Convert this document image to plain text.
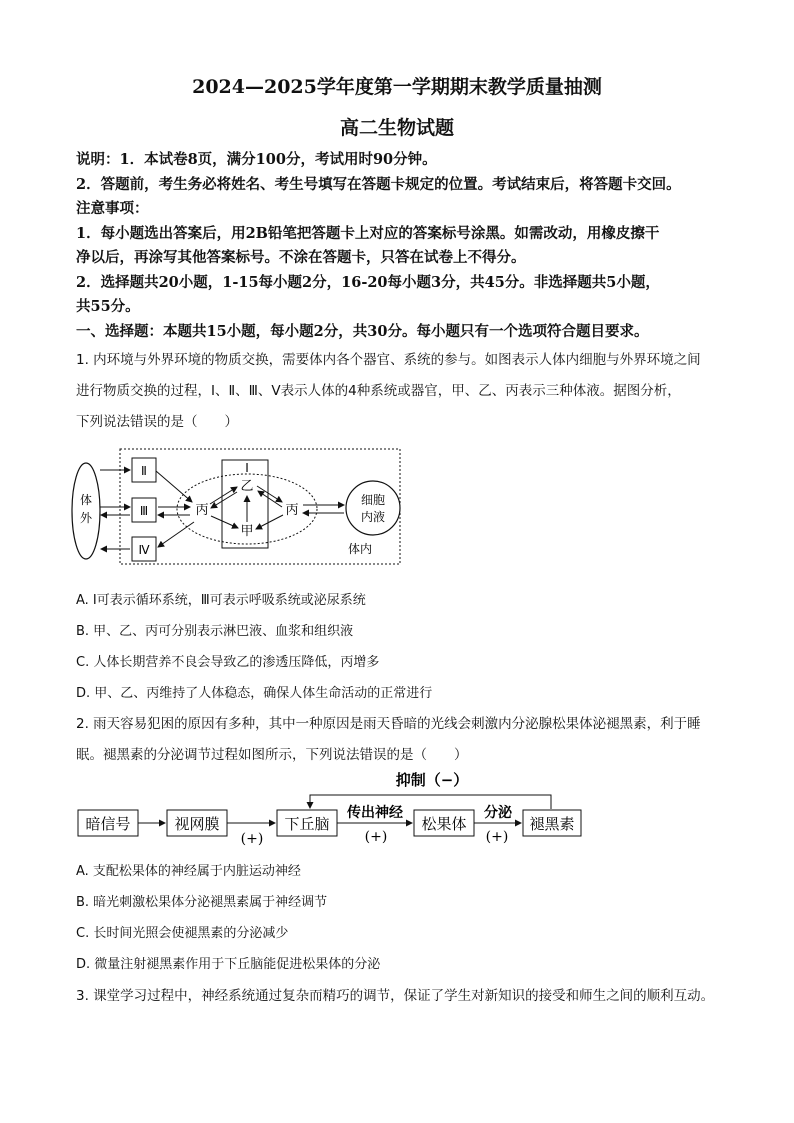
2024—2025学年度第一学期期末教学质量抽测
高二生物试题
说明：1．本试卷8页，满分100分，考试用时90分钟。
2．答题前，考生务必将姓名、考生号填写在答题卡规定的位置。考试结束后，将答题卡交回。
注意事项：
1．每小题选出答案后，用2B铅笔把答题卡上对应的答案标号涂黑。如需改动，用橡皮擦干
净以后，再涂写其他答案标号。不涂在答题卡，只答在试卷上不得分。
2．选择题共20小题，1-15每小题2分，16-20每小题3分，共45分。非选择题共5小题，
共55分。
一、选择题：本题共15小题，每小题2分，共30分。每小题只有一个选项符合题目要求。
1. 内环境与外界环境的物质交换，需要体内各个器官、系统的参与。如图表示人体内细胞与外界环境之间
进行物质交换的过程，I、Ⅱ、Ⅲ、V表示人体的4种系统或器官，甲、乙、丙表示三种体液。据图分析，
下列说法错误的是（　　）
体
外
体内
Ⅱ
Ⅲ
Ⅳ
I
乙
甲
丙	丙
细胞
内液
A. I可表示循环系统，Ⅲ可表示呼吸系统或泌尿系统
B. 甲、乙、丙可分别表示淋巴液、血浆和组织液
C. 人体长期营养不良会导致乙的渗透压降低，丙增多
D. 甲、乙、丙维持了人体稳态，确保人体生命活动的正常进行
2. 雨天容易犯困的原因有多种，其中一种原因是雨天昏暗的光线会刺激内分泌腺松果体泌褪黑素，利于睡
眠。褪黑素的分泌调节过程如图所示，下列说法错误的是（　　）
抑制（−）
暗信号	视网膜	下丘脑	松果体	褪黑素
传出神经	分泌
(+)	(+)	(+)
A. 支配松果体的神经属于内脏运动神经
B. 暗光刺激松果体分泌褪黑素属于神经调节
C. 长时间光照会使褪黑素的分泌减少
D. 微量注射褪黑素作用于下丘脑能促进松果体的分泌
3. 课堂学习过程中，神经系统通过复杂而精巧的调节，保证了学生对新知识的接受和师生之间的顺利互动。
